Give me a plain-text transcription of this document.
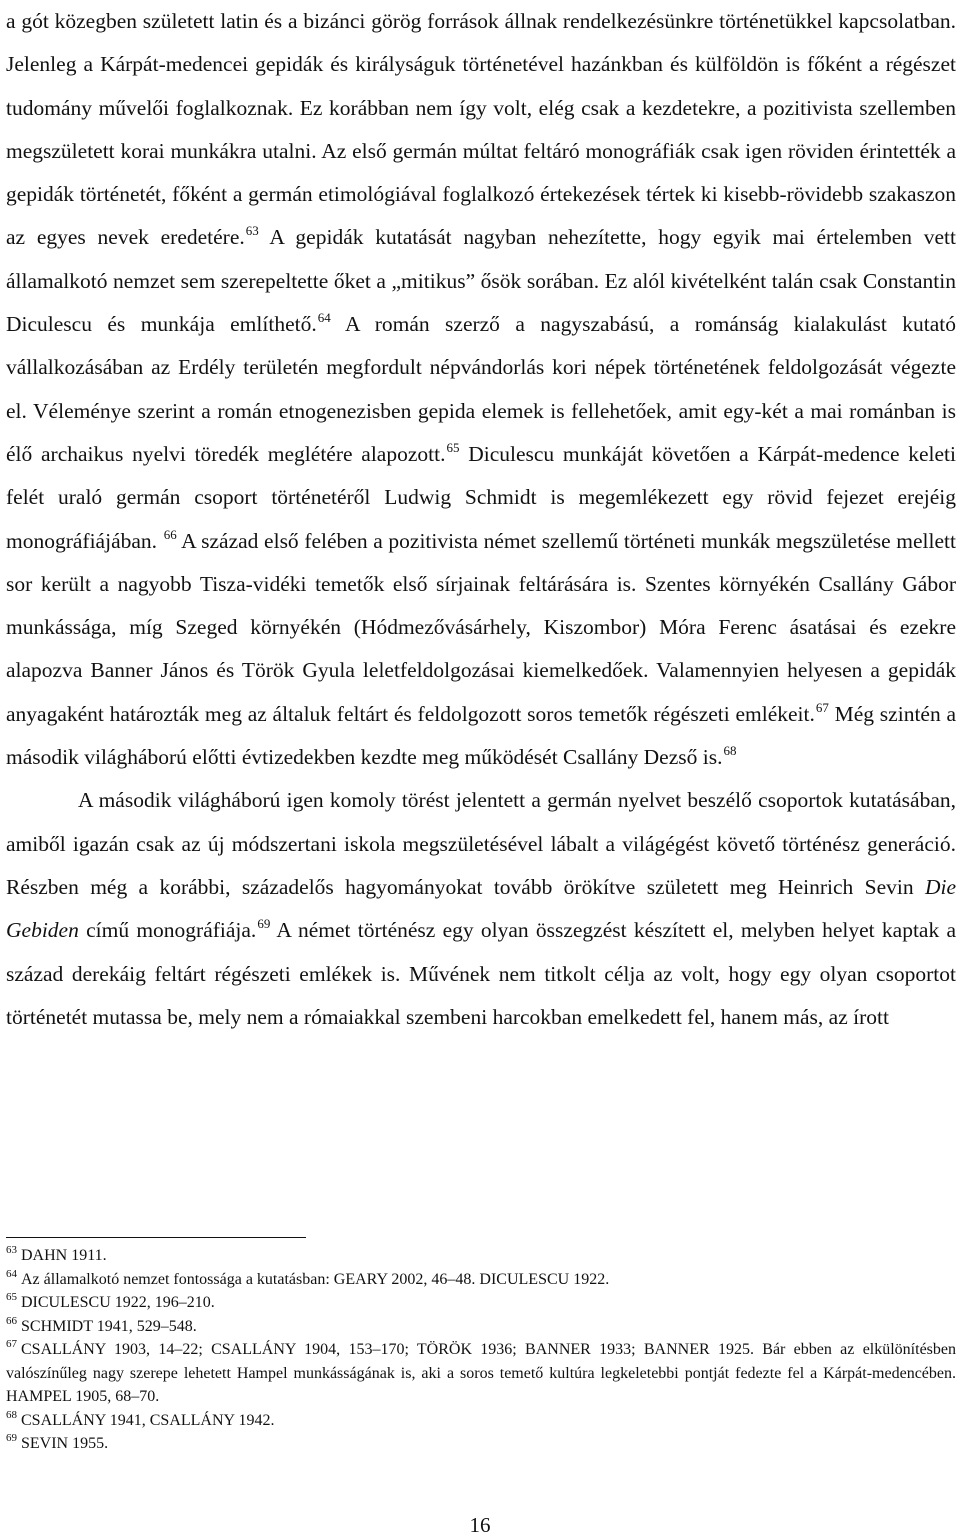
a gót közegben született latin és a bizánci görög források állnak rendelkezésünkre történetükkel kapcsolatban. Jelenleg a Kárpát-medencei gepidák és királyságuk történetével hazánkban és külföldön is főként a régészet tudomány művelői foglalkoznak. Ez korábban nem így volt, elég csak a kezdetekre, a pozitivista szellemben megszületett korai munkákra utalni. Az első germán múltat feltáró monográfiák csak igen röviden érintették a gepidák történetét, főként a germán etimológiával foglalkozó értekezések tértek ki kisebb-rövidebb szakaszon az egyes nevek eredetére.$^{63}$ A gepidák kutatását nagyban nehezítette, hogy egyik mai értelemben vett államalkotó nemzet sem szerepeltette őket a „mitikus” ősök sorában. Ez alól kivételként talán csak Constantin Diculescu és munkája említhető.$^{64}$ A román szerző a nagyszabású, a románság kialakulást kutató vállalkozásában az Erdély területén megfordult népvándorlás kori népek történetének feldolgozását végezte el. Véleménye szerint a román etnogenezisben gepida elemek is fellehetőek, amit egy-két a mai románban is élő archaikus nyelvi töredék meglétére alapozott.$^{65}$ Diculescu munkáját követően a Kárpát-medence keleti felét uraló germán csoport történetéről Ludwig Schmidt is megemlékezett egy rövid fejezet erejéig monográfiájában. $^{66}$ A század első felében a pozitivista német szellemű történeti munkák megszületése mellett sor került a nagyobb Tisza-vidéki temetők első sírjainak feltárására is. Szentes környékén Csallány Gábor munkássága, míg Szeged környékén (Hódmezővásárhely, Kiszombor) Móra Ferenc ásatásai és ezekre alapozva Banner János és Török Gyula leletfeldolgozásai kiemelkedőek. Valamennyien helyesen a gepidák anyagaként határozták meg az általuk feltárt és feldolgozott soros temetők régészeti emlékeit.$^{67}$ Még szintén a második világháború előtti évtizedekben kezdte meg működését Csallány Dezső is.$^{68}$

A második világháború igen komoly törést jelentett a germán nyelvet beszélő csoportok kutatásában, amiből igazán csak az új módszertani iskola megszületésével lábalt a világégést követő történész generáció. Részben még a korábbi, századelős hagyományokat tovább örökítve született meg Heinrich Sevin Die Gebiden című monográfiája.$^{69}$ A német történész egy olyan összegzést készített el, melyben helyet kaptak a század derekáig feltárt régészeti emlékek is. Művének nem titkolt célja az volt, hogy egy olyan csoportot történetét mutassa be, mely nem a rómaiakkal szembeni harcokban emelkedett fel, hanem más, az írott

$^{63}$ DAHN 1911.
$^{64}$ Az államalkotó nemzet fontossága a kutatásban: GEARY 2002, 46–48. DICULESCU 1922.
$^{65}$ DICULESCU 1922, 196–210.
$^{66}$ SCHMIDT 1941, 529–548.
$^{67}$ CSALLÁNY 1903, 14–22; CSALLÁNY 1904, 153–170; TÖRÖK 1936; BANNER 1933; BANNER 1925. Bár ebben az elkülönítésben valószínűleg nagy szerepe lehetett Hampel munkásságának is, aki a soros temető kultúra legkeletebbi pontját fedezte fel a Kárpát-medencében. HAMPEL 1905, 68–70.
$^{68}$ CSALLÁNY 1941, CSALLÁNY 1942.
$^{69}$ SEVIN 1955.
16
